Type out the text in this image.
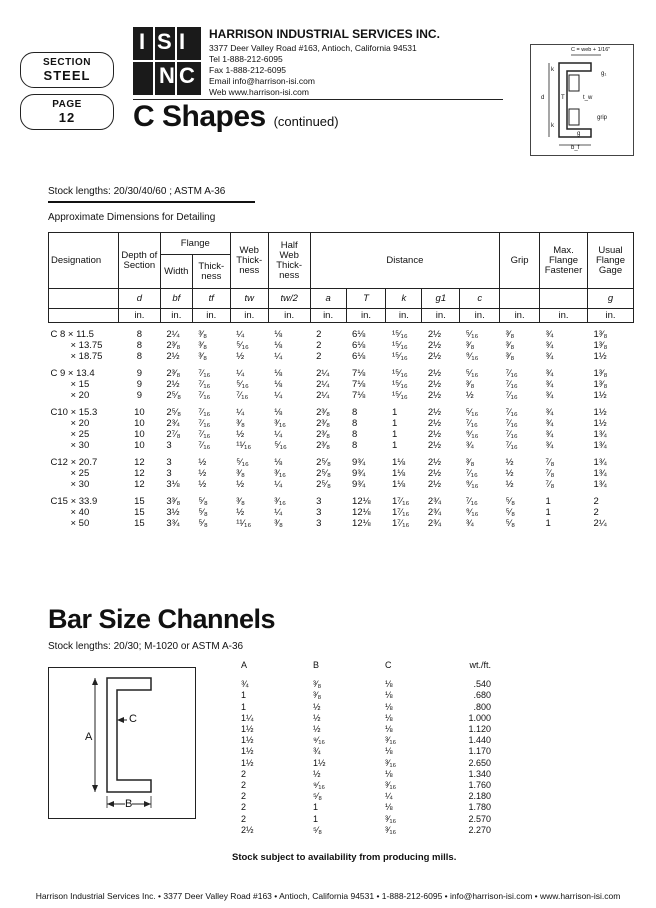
SECTION
STEEL
PAGE
12
I S I
N C
HARRISON INDUSTRIAL SERVICES INC.
3377 Deer Valley Road #163, Antioch, California 94531
Tel 1-888-212-6095
Fax 1-888-212-6095
Email info@harrison-isi.com
Web www.harrison-isi.com
C Shapes (continued)
C = web + 1/16"
g₁
d
k
T
k
t_w
b_f
g
grip
Stock lengths: 20/30/40/60 ; ASTM A-36
Approximate Dimensions for Detailing
Designation	Depth of Section	Flange		Web Thick-ness	Half Web Thick-ness	Distance					Grip	Max. Flange Fastener	Usual Flange Gage
		Width	Thick-ness										
	d	bf	tf	tw	tw/2	a	T	k	g1	c			g
	in.	in.	in.	in.	in.	in.	in.	in.	in.	in.	in.	in.	in.

C 8 × 11.5	8	2¼	³⁄₈	¼	⅛	2	6⅛	¹⁵⁄₁₆	2½	⁵⁄₁₆	³⁄₈	¾	1³⁄₈
× 13.75	8	2³⁄₈	³⁄₈	⁵⁄₁₆	⅛	2	6⅛	¹⁵⁄₁₆	2½	³⁄₈	³⁄₈	¾	1³⁄₈
× 18.75	8	2½	³⁄₈	½	¼	2	6⅛	¹⁵⁄₁₆	2½	⁹⁄₁₆	³⁄₈	¾	1½

C 9 × 13.4	9	2³⁄₈	⁷⁄₁₆	¼	⅛	2¼	7⅛	¹⁵⁄₁₆	2½	⁵⁄₁₆	⁷⁄₁₆	¾	1³⁄₈
× 15	9	2½	⁷⁄₁₆	⁵⁄₁₆	⅛	2¼	7⅛	¹⁵⁄₁₆	2½	³⁄₈	⁷⁄₁₆	¾	1³⁄₈
× 20	9	2⁵⁄₈	⁷⁄₁₆	⁷⁄₁₆	¼	2¼	7⅛	¹⁵⁄₁₆	2½	½	⁷⁄₁₆	¾	1½

C10 × 15.3	10	2⁵⁄₈	⁷⁄₁₆	¼	⅛	2³⁄₈	8	1	2½	⁵⁄₁₆	⁷⁄₁₆	¾	1½
× 20	10	2¾	⁷⁄₁₆	³⁄₈	³⁄₁₆	2³⁄₈	8	1	2½	⁷⁄₁₆	⁷⁄₁₆	¾	1½
× 25	10	2⁷⁄₈	⁷⁄₁₆	½	¼	2³⁄₈	8	1	2½	⁹⁄₁₆	⁷⁄₁₆	¾	1¾
× 30	10	3	⁷⁄₁₆	¹¹⁄₁₆	⁵⁄₁₆	2³⁄₈	8	1	2½	¾	⁷⁄₁₆	¾	1¾

C12 × 20.7	12	3	½	⁵⁄₁₆	⅛	2⁵⁄₈	9¾	1⅛	2½	³⁄₈	½	⁷⁄₈	1¾
× 25	12	3	½	³⁄₈	³⁄₁₆	2⁵⁄₈	9¾	1⅛	2½	⁷⁄₁₆	½	⁷⁄₈	1¾
× 30	12	3⅛	½	½	¼	2⁵⁄₈	9¾	1⅛	2½	⁹⁄₁₆	½	⁷⁄₈	1¾

C15 × 33.9	15	3³⁄₈	⁵⁄₈	³⁄₈	³⁄₁₆	3	12⅛	1⁷⁄₁₆	2¾	⁷⁄₁₆	⁵⁄₈	1	2
× 40	15	3½	⁵⁄₈	½	¼	3	12⅛	1⁷⁄₁₆	2¾	⁹⁄₁₆	⁵⁄₈	1	2
× 50	15	3¾	⁵⁄₈	¹¹⁄₁₆	³⁄₈	3	12⅛	1⁷⁄₁₆	2¾	¾	⁵⁄₈	1	2¼
Bar Size Channels
Stock lengths: 20/30; M-1020 or ASTM A-36
A
B
C
A	B	C	wt./ft.
¾	³⁄₈	⅛	.540
1	³⁄₈	⅛	.680
1	½	⅛	.800
1¼	½	⅛	1.000
1½	½	⅛	1.120
1½	⁹⁄₁₆	³⁄₁₆	1.440
1½	¾	⅛	1.170
1½	1½	³⁄₁₆	2.650
2	½	⅛	1.340
2	⁹⁄₁₆	³⁄₁₆	1.760
2	⁵⁄₈	¼	2.180
2	1	⅛	1.780
2	1	³⁄₁₆	2.570
2½	⁵⁄₈	³⁄₁₆	2.270
Stock subject to availability from producing mills.
Harrison Industrial Services Inc. • 3377 Deer Valley Road #163 • Antioch, California 94531 • 1-888-212-6095 • info@harrison-isi.com • www.harrison-isi.com
